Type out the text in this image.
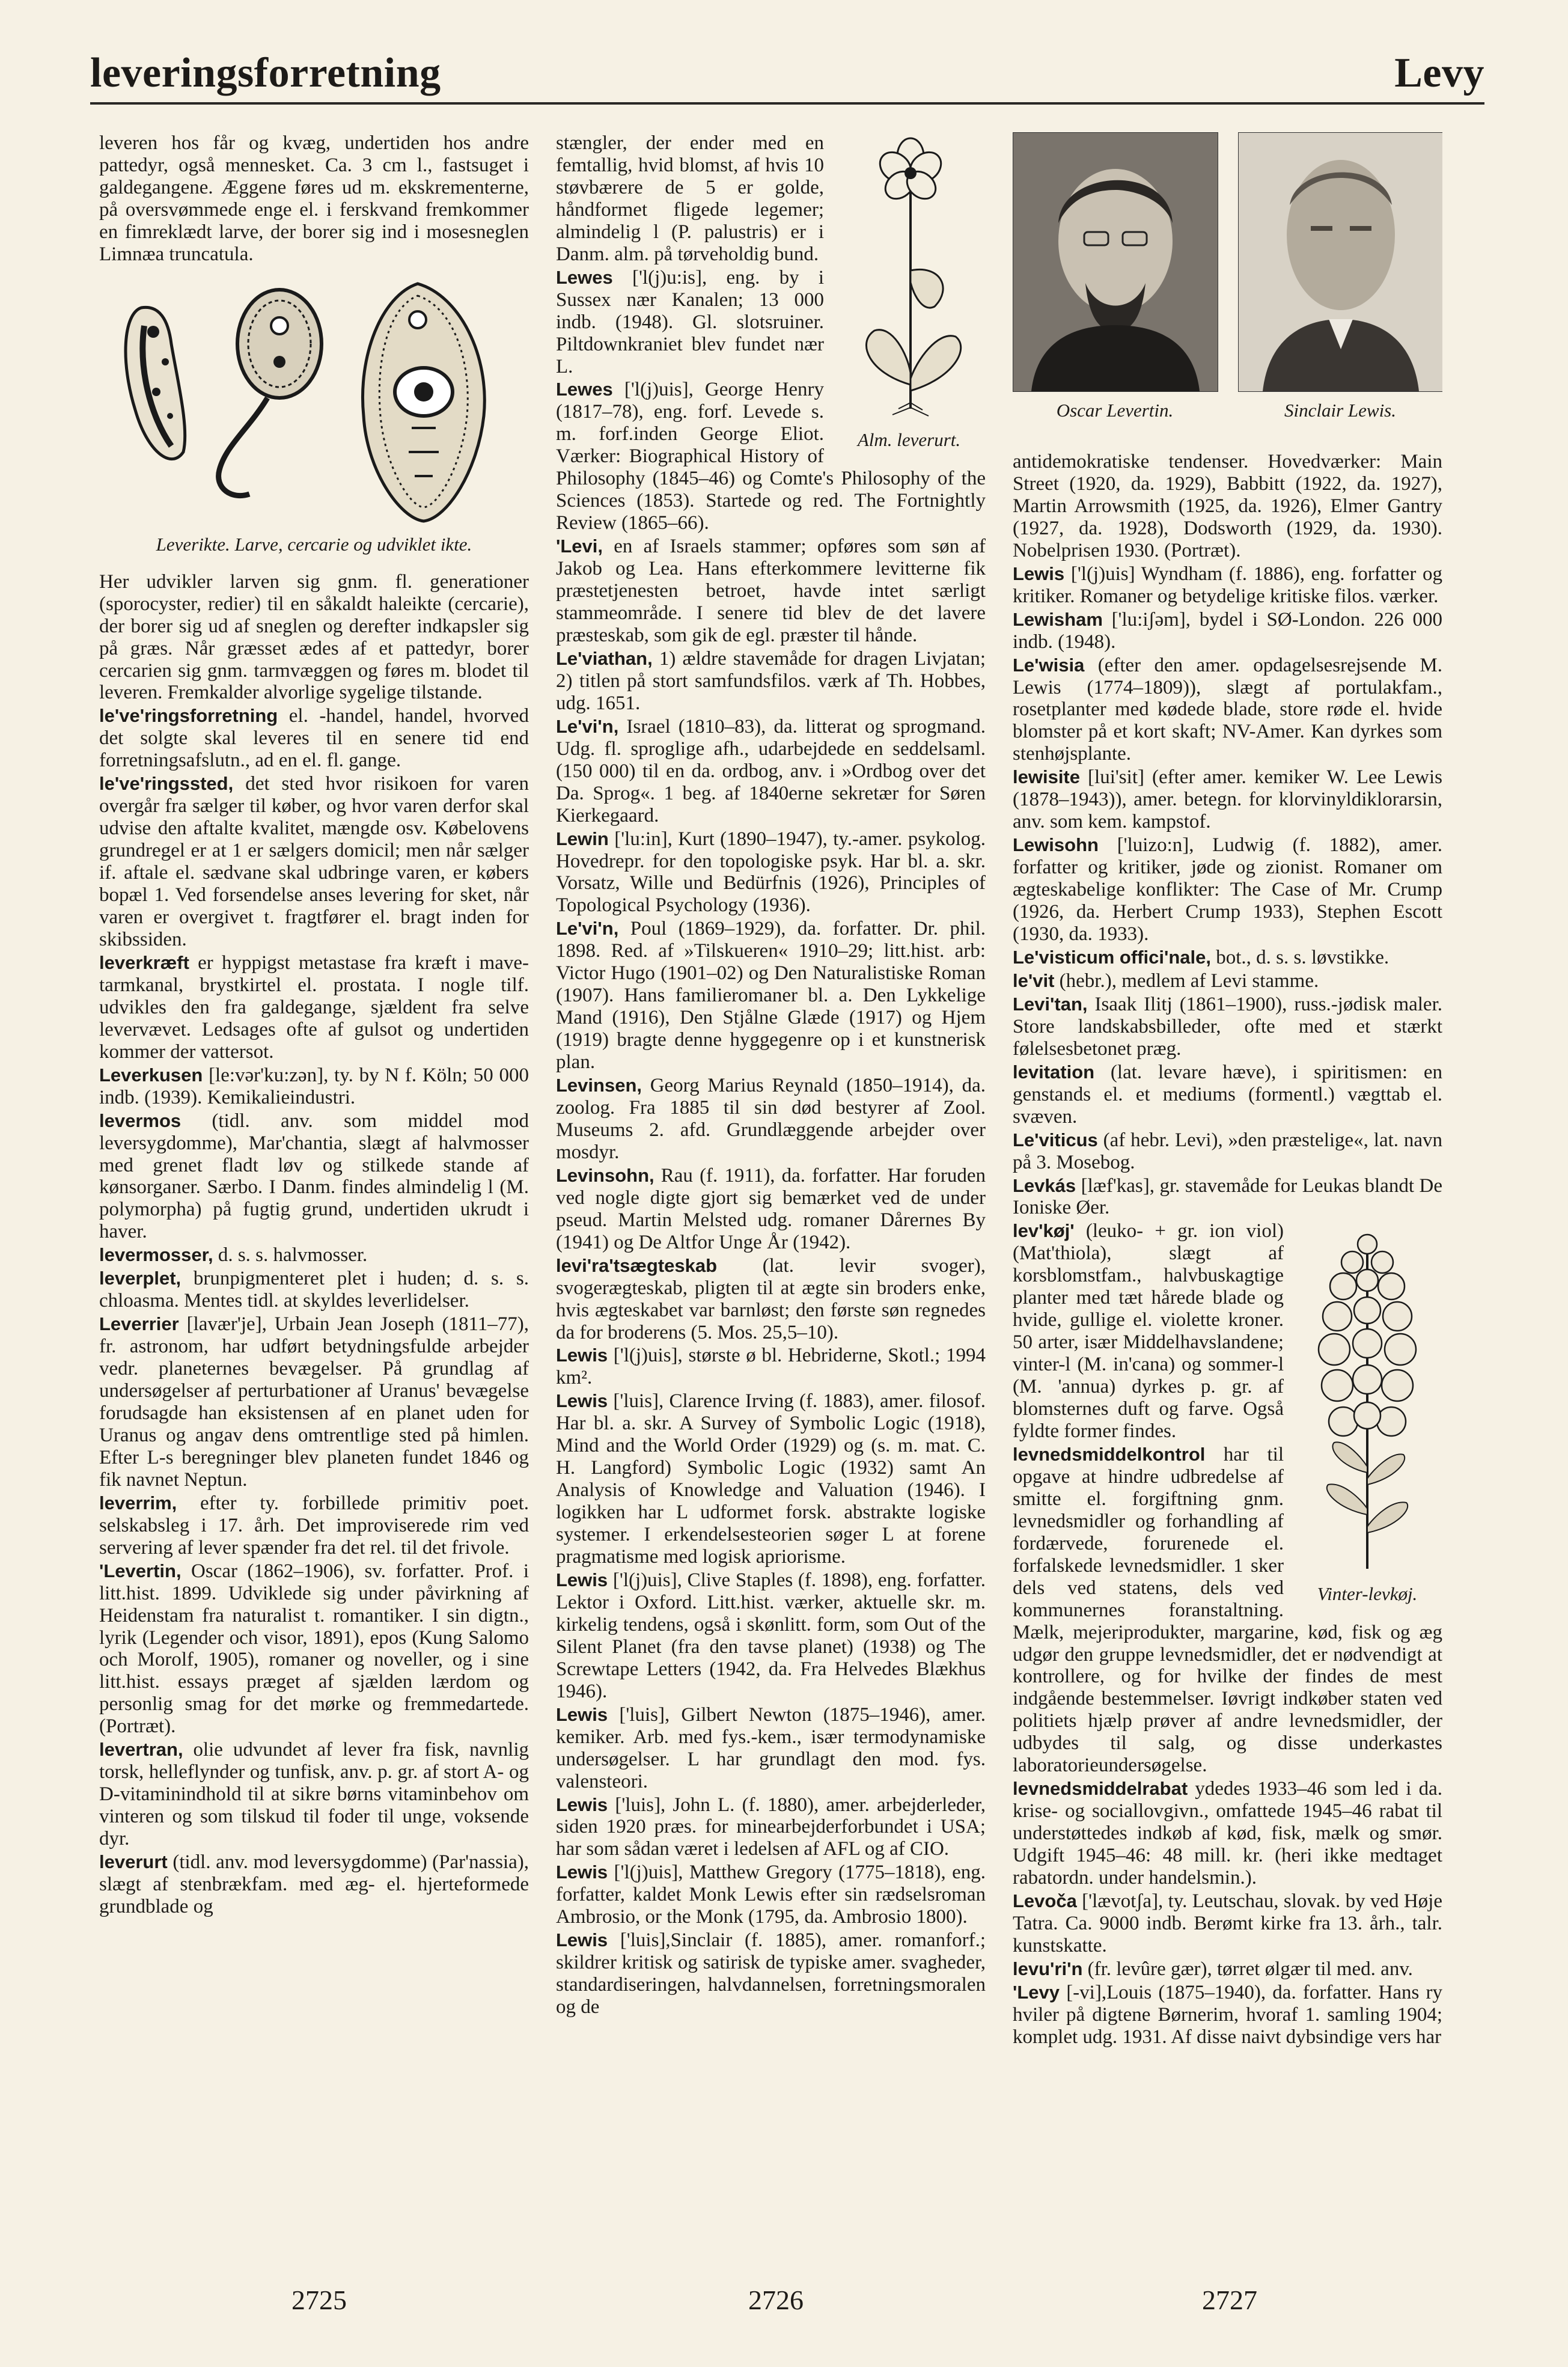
leveringsforretning	Levy

leveren hos får og kvæg, undertiden hos andre pattedyr, også mennesket. Ca. 3 cm l., fastsuget i galdegangene. Æggene føres ud m. ekskrementerne, på oversvømmede enge el. i ferskvand fremkommer en fimreklædt larve, der borer sig ind i mosesneglen Limnæa truncatula.

Leverikte. Larve, cercarie og udviklet ikte.

Her udvikler larven sig gnm. fl. generationer (sporocyster, redier) til en såkaldt haleikte (cercarie), der borer sig ud af sneglen og derefter indkapsler sig på græs. Når græsset ædes af et pattedyr, borer cercarien sig gnm. tarmvæggen og føres m. blodet til leveren. Fremkalder alvorlige sygelige tilstande.

le've'ringsforretning el. -handel, handel, hvorved det solgte skal leveres til en senere tid end forretningsafslutn., ad en el. fl. gange.

le've'ringssted, det sted hvor risikoen for varen overgår fra sælger til køber, og hvor varen derfor skal udvise den aftalte kvalitet, mængde osv. Købelovens grundregel er at 1 er sælgers domicil; men når sælger if. aftale el. sædvane skal udbringe varen, er købers bopæl 1. Ved forsendelse anses levering for sket, når varen er overgivet t. fragtfører el. bragt inden for skibssiden.

leverkræft er hyppigst metastase fra kræft i mave-tarmkanal, brystkirtel el. prostata. I nogle tilf. udvikles den fra galdegange, sjældent fra selve levervævet. Ledsages ofte af gulsot og undertiden kommer der vattersot.

Leverkusen [le:vər'ku:zən], ty. by N f. Köln; 50 000 indb. (1939). Kemikalieindustri.

levermos (tidl. anv. som middel mod leversygdomme), Mar'chantia, slægt af halvmosser med grenet fladt løv og stilkede stande af kønsorganer. Særbo. I Danm. findes almindelig l (M. polymorpha) på fugtig grund, undertiden ukrudt i haver.

levermosser, d. s. s. halvmosser.

leverplet, brunpigmenteret plet i huden; d. s. s. chloasma. Mentes tidl. at skyldes leverlidelser.

Leverrier [lavær'je], Urbain Jean Joseph (1811–77), fr. astronom, har udført betydningsfulde arbejder vedr. planeternes bevægelser. På grundlag af undersøgelser af perturbationer af Uranus' bevægelse forudsagde han eksistensen af en planet uden for Uranus og angav dens omtrentlige sted på himlen. Efter L-s beregninger blev planeten fundet 1846 og fik navnet Neptun.

leverrim, efter ty. forbillede primitiv poet. selskabsleg i 17. årh. Det improviserede rim ved servering af lever spænder fra det rel. til det frivole.

'Levertin, Oscar (1862–1906), sv. forfatter. Prof. i litt.hist. 1899. Udviklede sig under påvirkning af Heidenstam fra naturalist t. romantiker. I sin digtn., lyrik (Legender och visor, 1891), epos (Kung Salomo och Morolf, 1905), romaner og noveller, og i sine litt.hist. essays præget af sjælden lærdom og personlig smag for det mørke og fremmedartede. (Portræt).

levertran, olie udvundet af lever fra fisk, navnlig torsk, helleflynder og tunfisk, anv. p. gr. af stort A- og D-vitaminindhold til at sikre børns vitaminbehov om vinteren og som tilskud til foder til unge, voksende dyr.

leverurt (tidl. anv. mod leversygdomme) (Par'nassia), slægt af stenbrækfam. med æg- el. hjerteformede grundblade og

Alm. leverurt.

stængler, der ender med en femtallig, hvid blomst, af hvis 10 støvbærere de 5 er golde, håndformet fligede legemer; almindelig l (P. palustris) er i Danm. alm. på tørveholdig bund.

Lewes ['l(j)u:is], eng. by i Sussex nær Kanalen; 13 000 indb. (1948). Gl. slotsruiner. Piltdownkraniet blev fundet nær L.

Lewes ['l(j)uis], George Henry (1817–78), eng. forf. Levede s. m. forf.inden George Eliot. Værker: Biographical History of Philosophy (1845–46) og Comte's Philosophy of the Sciences (1853). Startede og red. The Fortnightly Review (1865–66).

'Levi, en af Israels stammer; opføres som søn af Jakob og Lea. Hans efterkommere levitterne fik præstetjenesten betroet, havde intet særligt stammeområde. I senere tid blev de det lavere præsteskab, som gik de egl. præster til hånde.

Le'viathan, 1) ældre stavemåde for dragen Livjatan; 2) titlen på stort samfundsfilos. værk af Th. Hobbes, udg. 1651.

Le'vi'n, Israel (1810–83), da. litterat og sprogmand. Udg. fl. sproglige afh., udarbejdede en seddelsaml. (150 000) til en da. ordbog, anv. i »Ordbog over det Da. Sprog«. 1 beg. af 1840erne sekretær for Søren Kierkegaard.

Lewin ['lu:in], Kurt (1890–1947), ty.-amer. psykolog. Hovedrepr. for den topologiske psyk. Har bl. a. skr. Vorsatz, Wille und Bedürfnis (1926), Principles of Topological Psychology (1936).

Le'vi'n, Poul (1869–1929), da. forfatter. Dr. phil. 1898. Red. af »Tilskueren« 1910–29; litt.hist. arb: Victor Hugo (1901–02) og Den Naturalistiske Roman (1907). Hans familieromaner bl. a. Den Lykkelige Mand (1916), Den Stjålne Glæde (1917) og Hjem (1919) bragte denne hyggegenre op i et kunstnerisk plan.

Levinsen, Georg Marius Reynald (1850–1914), da. zoolog. Fra 1885 til sin død bestyrer af Zool. Museums 2. afd. Grundlæggende arbejder over mosdyr.

Levinsohn, Rau (f. 1911), da. forfatter. Har foruden ved nogle digte gjort sig bemærket ved de under pseud. Martin Melsted udg. romaner Dårernes By (1941) og De Altfor Unge År (1942).

levi'ra'tsægteskab (lat. levir svoger), svogerægteskab, pligten til at ægte sin broders enke, hvis ægteskabet var barnløst; den første søn regnedes da for broderens (5. Mos. 25,5–10).

Lewis ['l(j)uis], største ø bl. Hebriderne, Skotl.; 1994 km².

Lewis ['luis], Clarence Irving (f. 1883), amer. filosof. Har bl. a. skr. A Survey of Symbolic Logic (1918), Mind and the World Order (1929) og (s. m. mat. C. H. Langford) Symbolic Logic (1932) samt An Analysis of Knowledge and Valuation (1946). I logikken har L udformet forsk. abstrakte logiske systemer. I erkendelsesteorien søger L at forene pragmatisme med logisk apriorisme.

Lewis ['l(j)uis], Clive Staples (f. 1898), eng. forfatter. Lektor i Oxford. Litt.hist. værker, aktuelle skr. m. kirkelig tendens, også i skønlitt. form, som Out of the Silent Planet (fra den tavse planet) (1938) og The Screwtape Letters (1942, da. Fra Helvedes Blækhus 1946).

Lewis ['luis], Gilbert Newton (1875–1946), amer. kemiker. Arb. med fys.-kem., især termodynamiske undersøgelser. L har grundlagt den mod. fys. valensteori.

Lewis ['luis], John L. (f. 1880), amer. arbejderleder, siden 1920 præs. for minearbejderforbundet i USA; har som sådan været i ledelsen af AFL og af CIO.

Lewis ['l(j)uis], Matthew Gregory (1775–1818), eng. forfatter, kaldet Monk Lewis efter sin rædselsroman Ambrosio, or the Monk (1795, da. Ambrosio 1800).

Lewis ['luis],Sinclair (f. 1885), amer. romanforf.; skildrer kritisk og satirisk de typiske amer. svagheder, standardiseringen, halvdannelsen, forretningsmoralen og de

Oscar Levertin.	Sinclair Lewis.

antidemokratiske tendenser. Hovedværker: Main Street (1920, da. 1929), Babbitt (1922, da. 1927), Martin Arrowsmith (1925, da. 1926), Elmer Gantry (1927, da. 1928), Dodsworth (1929, da. 1930). Nobelprisen 1930. (Portræt).

Lewis ['l(j)uis] Wyndham (f. 1886), eng. forfatter og kritiker. Romaner og betydelige kritiske filos. værker.

Lewisham ['lu:iʃəm], bydel i SØ-London. 226 000 indb. (1948).

Le'wisia (efter den amer. opdagelsesrejsende M. Lewis (1774–1809)), slægt af portulakfam., rosetplanter med kødede blade, store røde el. hvide blomster på et kort skaft; NV-Amer. Kan dyrkes som stenhøjsplante.

lewisite [lui'sit] (efter amer. kemiker W. Lee Lewis (1878–1943)), amer. betegn. for klorvinyldiklorarsin, anv. som kem. kampstof.

Lewisohn ['luizo:n], Ludwig (f. 1882), amer. forfatter og kritiker, jøde og zionist. Romaner om ægteskabelige konflikter: The Case of Mr. Crump (1926, da. Herbert Crump 1933), Stephen Escott (1930, da. 1933).

Le'visticum offici'nale, bot., d. s. s. løvstikke.

le'vit (hebr.), medlem af Levi stamme.

Levi'tan, Isaak Ilitj (1861–1900), russ.-jødisk maler. Store landskabsbilleder, ofte med et stærkt følelsesbetonet præg.

levitation (lat. levare hæve), i spiritismen: en genstands el. et mediums (formentl.) vægttab el. svæven.

Le'viticus (af hebr. Levi), »den præstelige«, lat. navn på 3. Mosebog.

Levkás [læf'kas], gr. stavemåde for Leukas blandt De Ioniske Øer.

Vinter-levkøj.

lev'køj' (leuko- + gr. ion viol) (Mat'thiola), slægt af korsblomstfam., halvbuskagtige planter med tæt hårede blade og hvide, gullige el. violette kroner. 50 arter, især Middelhavslandene; vinter-l (M. in'cana) og sommer-l (M. 'annua) dyrkes p. gr. af blomsternes duft og farve. Også fyldte former findes.

levnedsmiddelkontrol har til opgave at hindre udbredelse af smitte el. forgiftning gnm. levnedsmidler og forhandling af fordærvede, forurenede el. forfalskede levnedsmidler. 1 sker dels ved statens, dels ved kommunernes foranstaltning. Mælk, mejeriprodukter, margarine, kød, fisk og æg udgør den gruppe levnedsmidler, det er nødvendigt at kontrollere, og for hvilke der findes de mest indgående bestemmelser. Iøvrigt indkøber staten ved politiets hjælp prøver af andre levnedsmidler, der udbydes til salg, og disse underkastes laboratorieundersøgelse.

levnedsmiddelrabat ydedes 1933–46 som led i da. krise- og sociallovgivn., omfattede 1945–46 rabat til understøttedes indkøb af kød, fisk, mælk og smør. Udgift 1945–46: 48 mill. kr. (heri ikke medtaget rabatordn. under handelsmin.).

Levoča ['lævotʃa], ty. Leutschau, slovak. by ved Høje Tatra. Ca. 9000 indb. Berømt kirke fra 13. årh., talr. kunstskatte.

levu'ri'n (fr. levûre gær), tørret ølgær til med. anv.

'Levy [-vi],Louis (1875–1940), da. forfatter. Hans ry hviler på digtene Børnerim, hvoraf 1. samling 1904; komplet udg. 1931. Af disse naivt dybsindige vers har

2725	2726	2727
